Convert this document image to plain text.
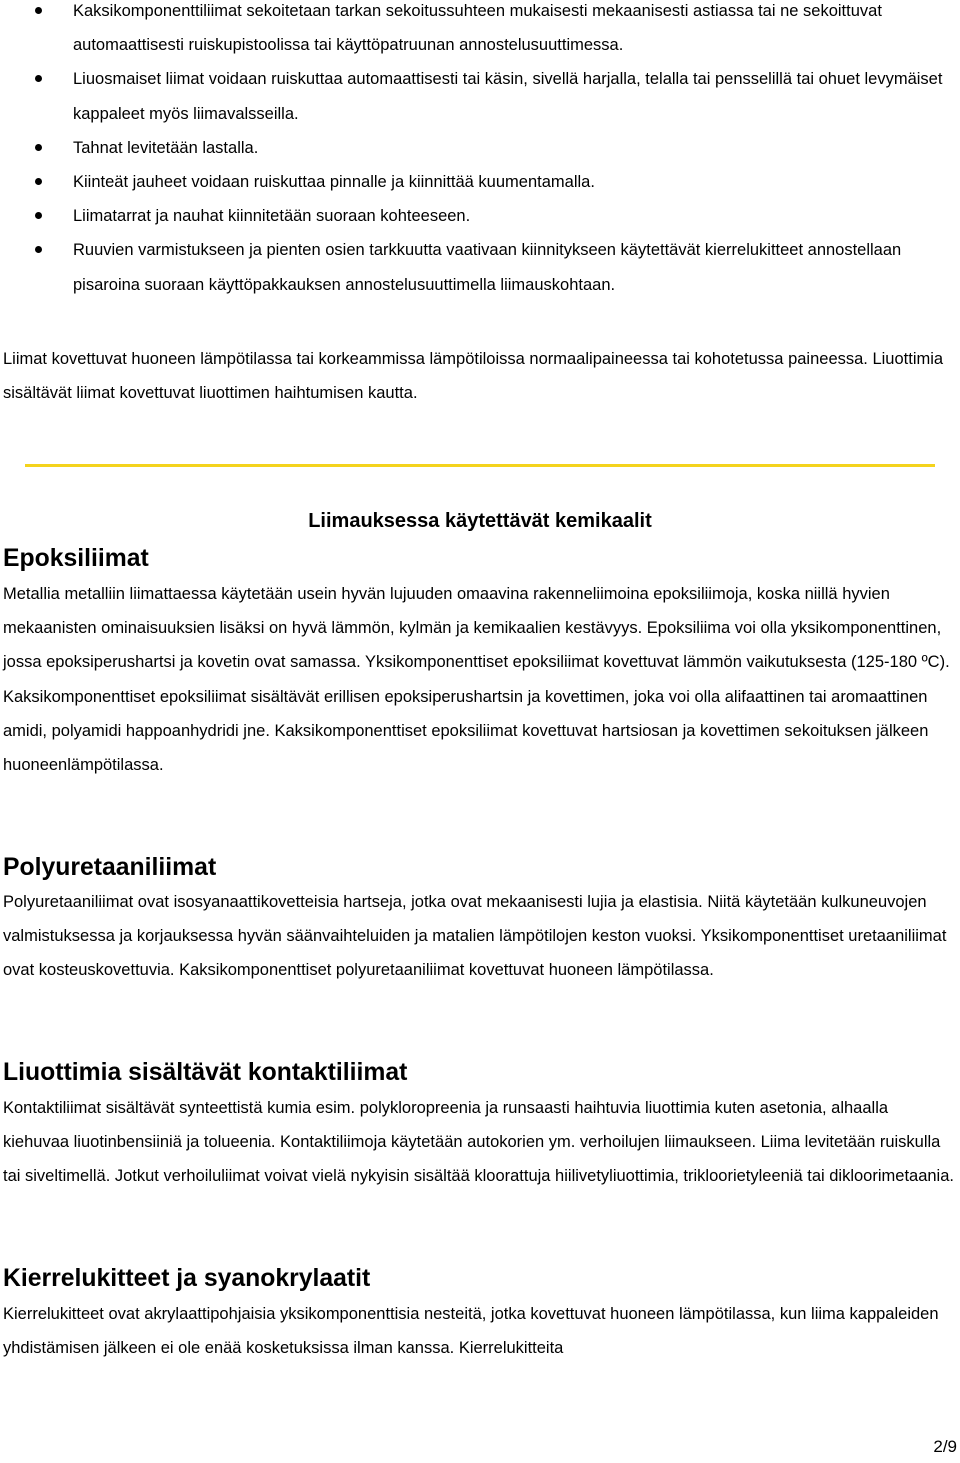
Kaksikomponenttiliimat sekoitetaan tarkan sekoitussuhteen mukaisesti mekaanisesti astiassa tai ne sekoittuvat automaattisesti ruiskupistoolissa tai käyttöpatruunan annostelusuuttimessa.
Liuosmaiset liimat voidaan ruiskuttaa automaattisesti tai käsin, sivellä harjalla, telalla tai pensselillä tai ohuet levymäiset kappaleet myös liimavalsseilla.
Tahnat levitetään lastalla.
Kiinteät jauheet voidaan ruiskuttaa pinnalle ja kiinnittää kuumentamalla.
Liimatarrat ja nauhat kiinnitetään suoraan kohteeseen.
Ruuvien varmistukseen ja pienten osien tarkkuutta vaativaan kiinnitykseen käytettävät kierrelukitteet annostellaan pisaroina suoraan käyttöpakkauksen annostelusuuttimella liimauskohtaan.

Liimat kovettuvat huoneen lämpötilassa tai korkeammissa lämpötiloissa normaalipaineessa tai kohotetussa paineessa. Liuottimia sisältävät liimat kovettuvat liuottimen haihtumisen kautta.

Liimauksessa käytettävät kemikaalit
Epoksiliimat

Metallia metalliin liimattaessa käytetään usein hyvän lujuuden omaavina rakenneliimoina epoksiliimoja, koska niillä hyvien mekaanisten ominaisuuksien lisäksi on hyvä lämmön, kylmän ja kemikaalien kestävyys. Epoksiliima voi olla yksikomponenttinen, jossa epoksiperushartsi ja kovetin ovat samassa. Yksikomponenttiset epoksiliimat kovettuvat lämmön vaikutuksesta (125-180 ºC). Kaksikomponenttiset epoksiliimat sisältävät erillisen epoksiperushartsin ja kovettimen, joka voi olla alifaattinen tai aromaattinen amidi, polyamidi happoanhydridi jne. Kaksikomponenttiset epoksiliimat kovettuvat hartsiosan ja kovettimen sekoituksen jälkeen huoneenlämpötilassa.

Polyuretaaniliimat

Polyuretaaniliimat ovat isosyanaattikovetteisia hartseja, jotka ovat mekaanisesti lujia ja elastisia. Niitä käytetään kulkuneuvojen valmistuksessa ja korjauksessa hyvän säänvaihteluiden ja matalien lämpötilojen keston vuoksi. Yksikomponenttiset uretaaniliimat ovat kosteuskovettuvia. Kaksikomponenttiset polyuretaaniliimat kovettuvat huoneen lämpötilassa.

Liuottimia sisältävät kontaktiliimat

Kontaktiliimat sisältävät synteettistä kumia esim. polykloropreenia ja runsaasti haihtuvia liuottimia kuten asetonia, alhaalla kiehuvaa liuotinbensiiniä ja tolueenia. Kontaktiliimoja käytetään autokorien ym. verhoilujen liimaukseen. Liima levitetään ruiskulla tai siveltimellä. Jotkut verhoiluliimat voivat vielä nykyisin sisältää kloorattuja hiilivetyliuottimia, trikloorietyleeniä tai dikloorimetaania.

Kierrelukitteet ja syanokrylaatit

Kierrelukitteet ovat akrylaattipohjaisia yksikomponenttisia nesteitä, jotka kovettuvat huoneen lämpötilassa, kun liima kappaleiden yhdistämisen jälkeen ei ole enää kosketuksissa ilman kanssa. Kierrelukitteita

2/9
